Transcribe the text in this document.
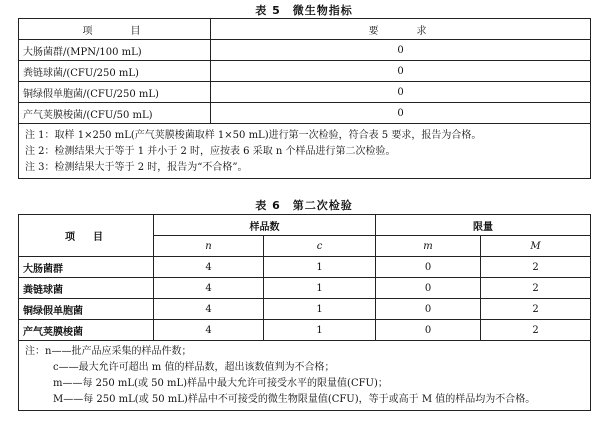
表 5　微生物指标
项　　目	要　　求
大肠菌群/(MPN/100 mL)	0
粪链球菌/(CFU/250 mL)	0
铜绿假单胞菌/(CFU/250 mL)	0
产气荚膜梭菌/(CFU/50 mL)	0

注 1：取样 1×250 mL(产气荚膜梭菌取样 1×50 mL)进行第一次检验，符合表 5 要求，报告为合格。
注 2：检测结果大于等于 1 并小于 2 时，应按表 6 采取 n 个样品进行第二次检验。
注 3：检测结果大于等于 2 时，报告为“不合格”。	
表 6　第二次检验
项　目	样品数		限量	
	n	c	m	M
大肠菌群	4	1	0	2
粪链球菌	4	1	0	2
铜绿假单胞菌	4	1	0	2
产气荚膜梭菌	4	1	0	2

注：n——批产品应采集的样品件数；
c——最大允许可超出 m 值的样品数，超出该数值判为不合格；
m——每 250 mL(或 50 mL)样品中最大允许可接受水平的限量值(CFU)；
M——每 250 mL(或 50 mL)样品中不可接受的微生物限量值(CFU)，等于或高于 M 值的样品均为不合格。				
